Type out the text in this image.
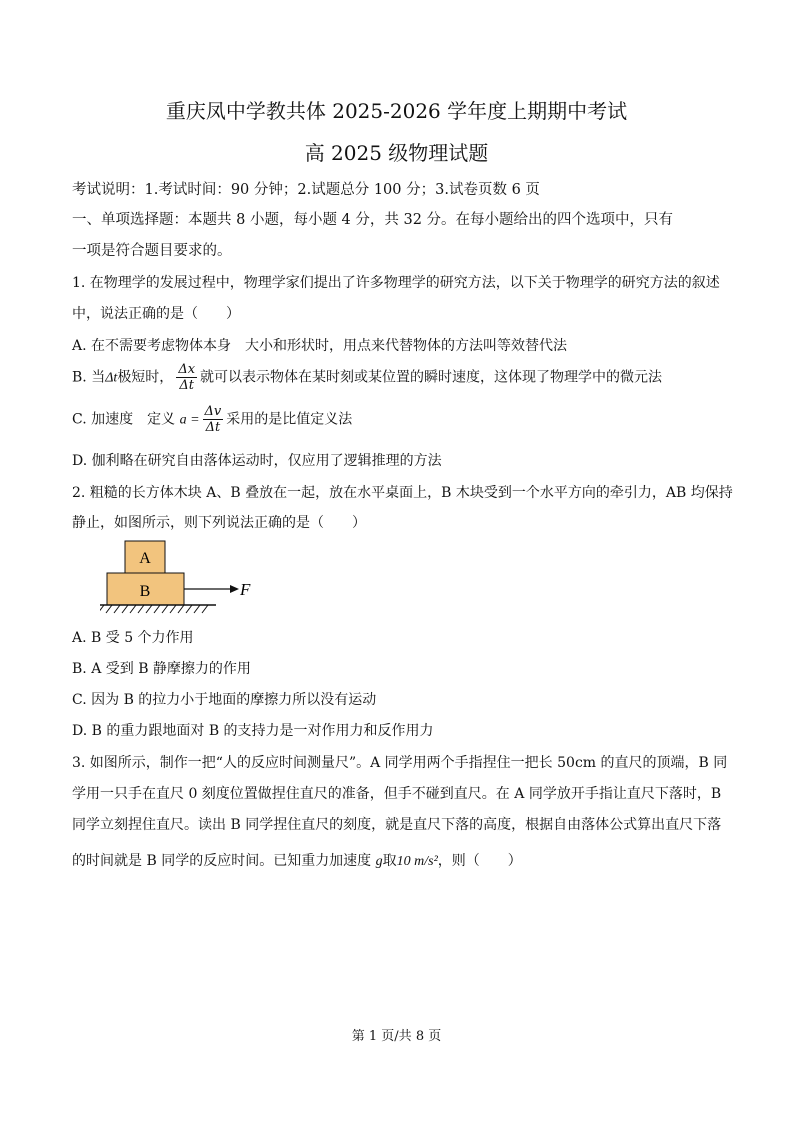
重庆凤中学教共体 2025-2026 学年度上期期中考试
高 2025 级物理试题
考试说明：1.考试时间：90 分钟；2.试题总分 100 分；3.试卷页数 6 页
一、单项选择题：本题共 8 小题，每小题 4 分，共 32 分。在每小题给出的四个选项中，只有
一项是符合题目要求的。
1. 在物理学的发展过程中，物理学家们提出了许多物理学的研究方法，以下关于物理学的研究方法的叙述
中，说法正确的是（　　）
A. 在不需要考虑物体本身　大小和形状时，用点来代替物体的方法叫等效替代法
B. 当Δt极短时， $\frac{\Delta x}{\Delta t}$ 就可以表示物体在某时刻或某位置的瞬时速度，这体现了物理学中的微元法
C. 加速度　定义 $a = \frac{\Delta v}{\Delta t}$ 采用的是比值定义法
D. 伽利略在研究自由落体运动时，仅应用了逻辑推理的方法
2. 粗糙的长方体木块 A、B 叠放在一起，放在水平桌面上，B 木块受到一个水平方向的牵引力，AB 均保持
静止，如图所示，则下列说法正确的是（　　）
A
B	F
A. B 受 5 个力作用
B. A 受到 B 静摩擦力的作用
C. 因为 B 的拉力小于地面的摩擦力所以没有运动
D. B 的重力跟地面对 B 的支持力是一对作用力和反作用力
3. 如图所示，制作一把“人的反应时间测量尺”。A 同学用两个手指捏住一把长 50cm 的直尺的顶端，B 同
学用一只手在直尺 0 刻度位置做捏住直尺的准备，但手不碰到直尺。在 A 同学放开手指让直尺下落时，B
同学立刻捏住直尺。读出 B 同学捏住直尺的刻度，就是直尺下落的高度，根据自由落体公式算出直尺下落
的时间就是 B 同学的反应时间。已知重力加速度 g取10 m/s²，则（　　）
第 1 页/共 8 页
